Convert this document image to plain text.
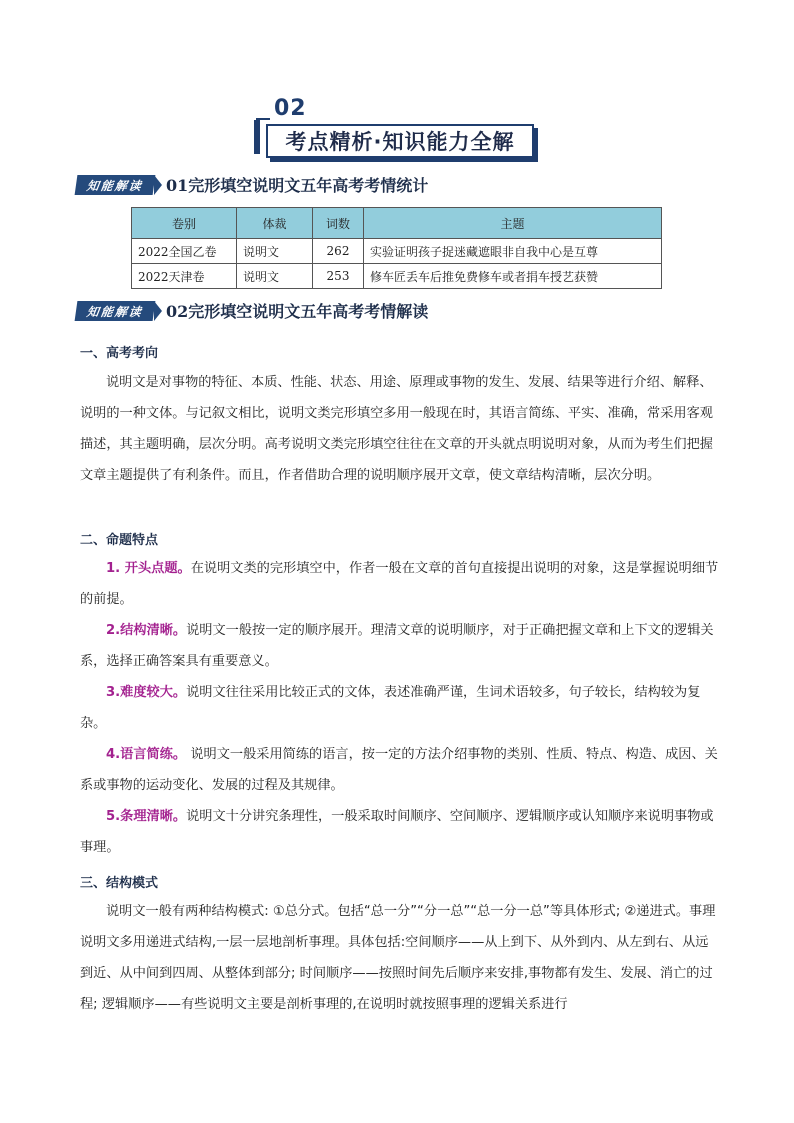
02
考点精析·知识能力全解
知能解读	01完形填空说明文五年高考考情统计
卷别	体裁	词数	主题
2022全国乙卷	说明文	262	实验证明孩子捉迷藏遮眼非自我中心是互尊
2022天津卷	说明文	253	修车匠丢车后推免费修车或者捐车授艺获赞
知能解读	02完形填空说明文五年高考考情解读
一、高考考向

说明文是对事物的特征、本质、性能、状态、用途、原理或事物的发生、发展、结果等进行介绍、解释、说明的一种文体。与记叙文相比，说明文类完形填空多用一般现在时，其语言简练、平实、准确，常采用客观描述，其主题明确，层次分明。高考说明文类完形填空往往在文章的开头就点明说明对象，从而为考生们把握文章主题提供了有利条件。而且，作者借助合理的说明顺序展开文章，使文章结构清晰，层次分明。

二、命题特点

1. 开头点题。在说明文类的完形填空中，作者一般在文章的首句直接提出说明的对象，这是掌握说明细节的前提。

2.结构清晰。说明文一般按一定的顺序展开。理清文章的说明顺序，对于正确把握文章和上下文的逻辑关系，选择正确答案具有重要意义。

3.难度较大。说明文往往采用比较正式的文体，表述准确严谨，生词术语较多，句子较长，结构较为复杂。

4.语言简练。 说明文一般采用简练的语言，按一定的方法介绍事物的类别、性质、特点、构造、成因、关系或事物的运动变化、发展的过程及其规律。

5.条理清晰。说明文十分讲究条理性，一般采取时间顺序、空间顺序、逻辑顺序或认知顺序来说明事物或事理。

三、结构模式

说明文一般有两种结构模式: ①总分式。包括“总一分”“分一总”“总一分一总”等具体形式; ②递进式。事理说明文多用递进式结构,一层一层地剖析事理。具体包括:空间顺序——从上到下、从外到内、从左到右、从远到近、从中间到四周、从整体到部分; 时间顺序——按照时间先后顺序来安排,事物都有发生、发展、消亡的过程; 逻辑顺序——有些说明文主要是剖析事理的,在说明时就按照事理的逻辑关系进行
